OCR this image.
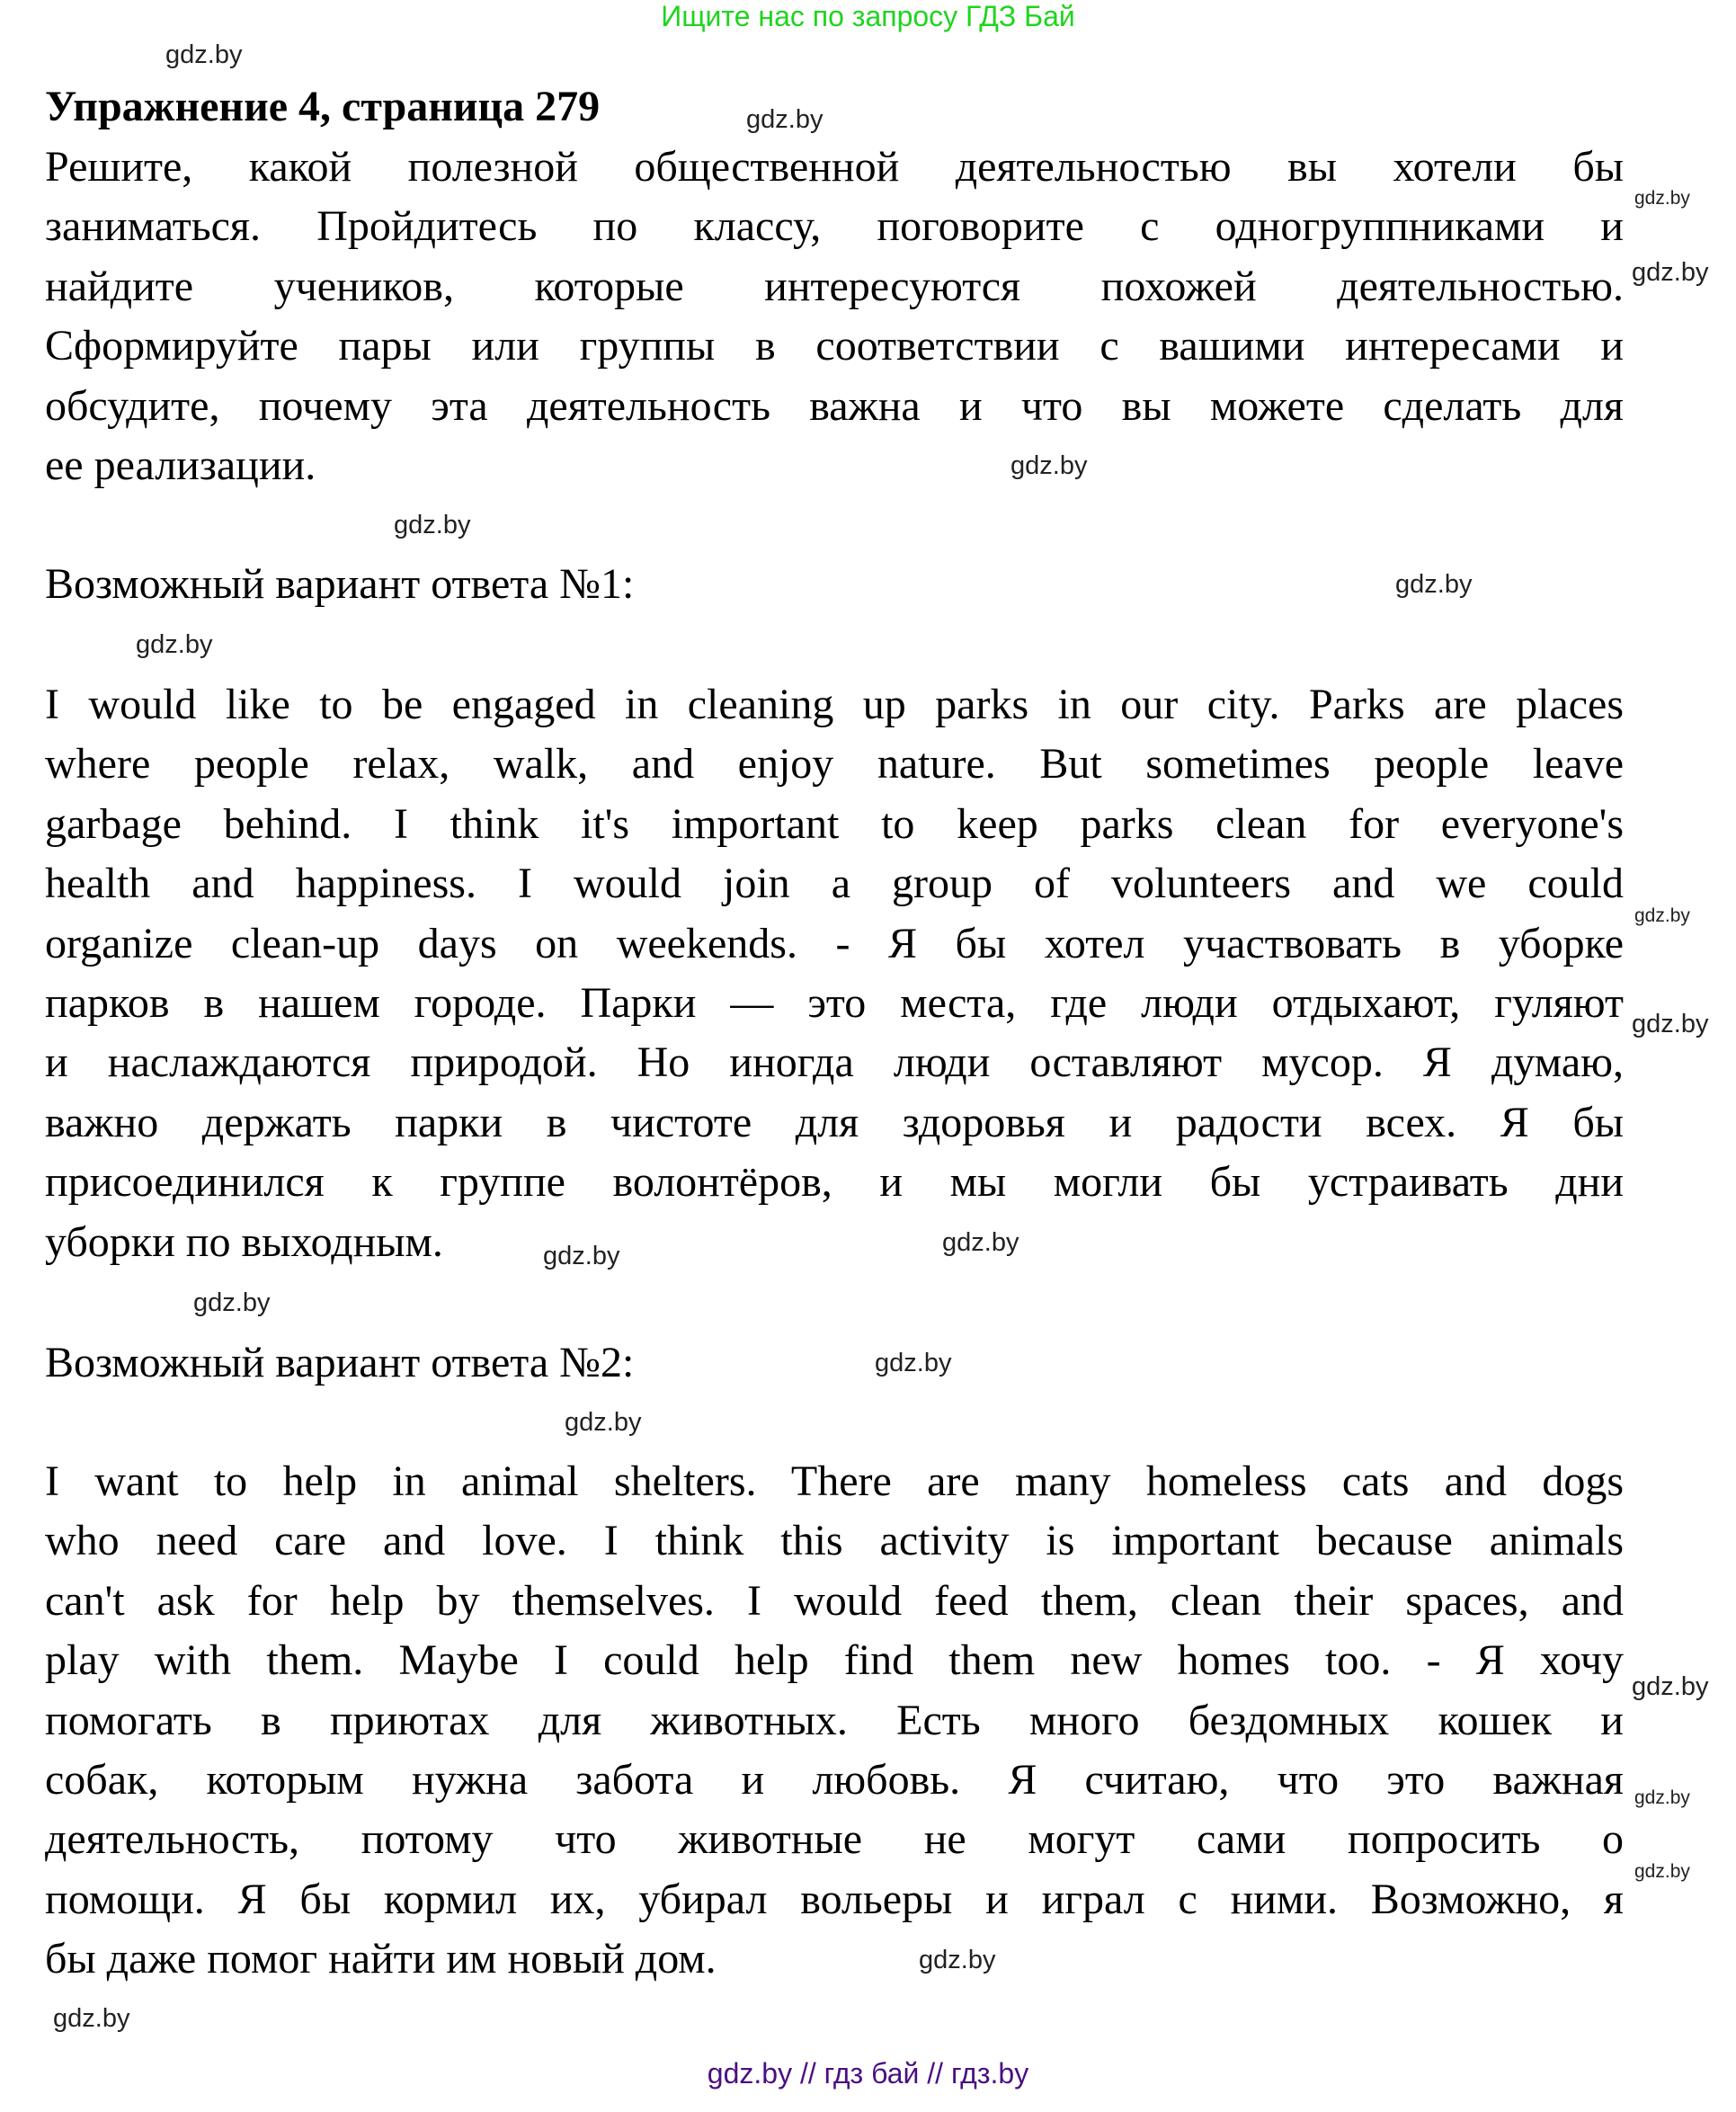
Ищите нас по запросу ГДЗ Бай
Упражнение 4, страница 279
Решите, какой полезной общественной деятельностью вы хотели бы
заниматься. Пройдитесь по классу, поговорите с одногруппниками и
найдите учеников, которые интересуются похожей деятельностью.
Сформируйте пары или группы в соответствии с вашими интересами и
обсудите, почему эта деятельность важна и что вы можете сделать для
ее реализации.
Возможный вариант ответа №1:
I would like to be engaged in cleaning up parks in our city. Parks are places
where people relax, walk, and enjoy nature. But sometimes people leave
garbage behind. I think it's important to keep parks clean for everyone's
health and happiness. I would join a group of volunteers and we could
organize clean-up days on weekends. - Я бы хотел участвовать в уборке
парков в нашем городе. Парки — это места, где люди отдыхают, гуляют
и наслаждаются природой. Но иногда люди оставляют мусор. Я думаю,
важно держать парки в чистоте для здоровья и радости всех. Я бы
присоединился к группе волонтёров, и мы могли бы устраивать дни
уборки по выходным.
Возможный вариант ответа №2:
I want to help in animal shelters. There are many homeless cats and dogs
who need care and love. I think this activity is important because animals
can't ask for help by themselves. I would feed them, clean their spaces, and
play with them. Maybe I could help find them new homes too. - Я хочу
помогать в приютах для животных. Есть много бездомных кошек и
собак, которым нужна забота и любовь. Я считаю, что это важная
деятельность, потому что животные не могут сами попросить о
помощи. Я бы кормил их, убирал вольеры и играл с ними. Возможно, я
бы даже помог найти им новый дом.
gdz.by
gdz.by
gdz.by
gdz.by
gdz.by
gdz.by
gdz.by
gdz.by
gdz.by
gdz.by
gdz.by
gdz.by
gdz.by
gdz.by
gdz.by
gdz.by
gdz.by
gdz.by
gdz.by
gdz.by
gdz.by // гдз бай // гдз.by
